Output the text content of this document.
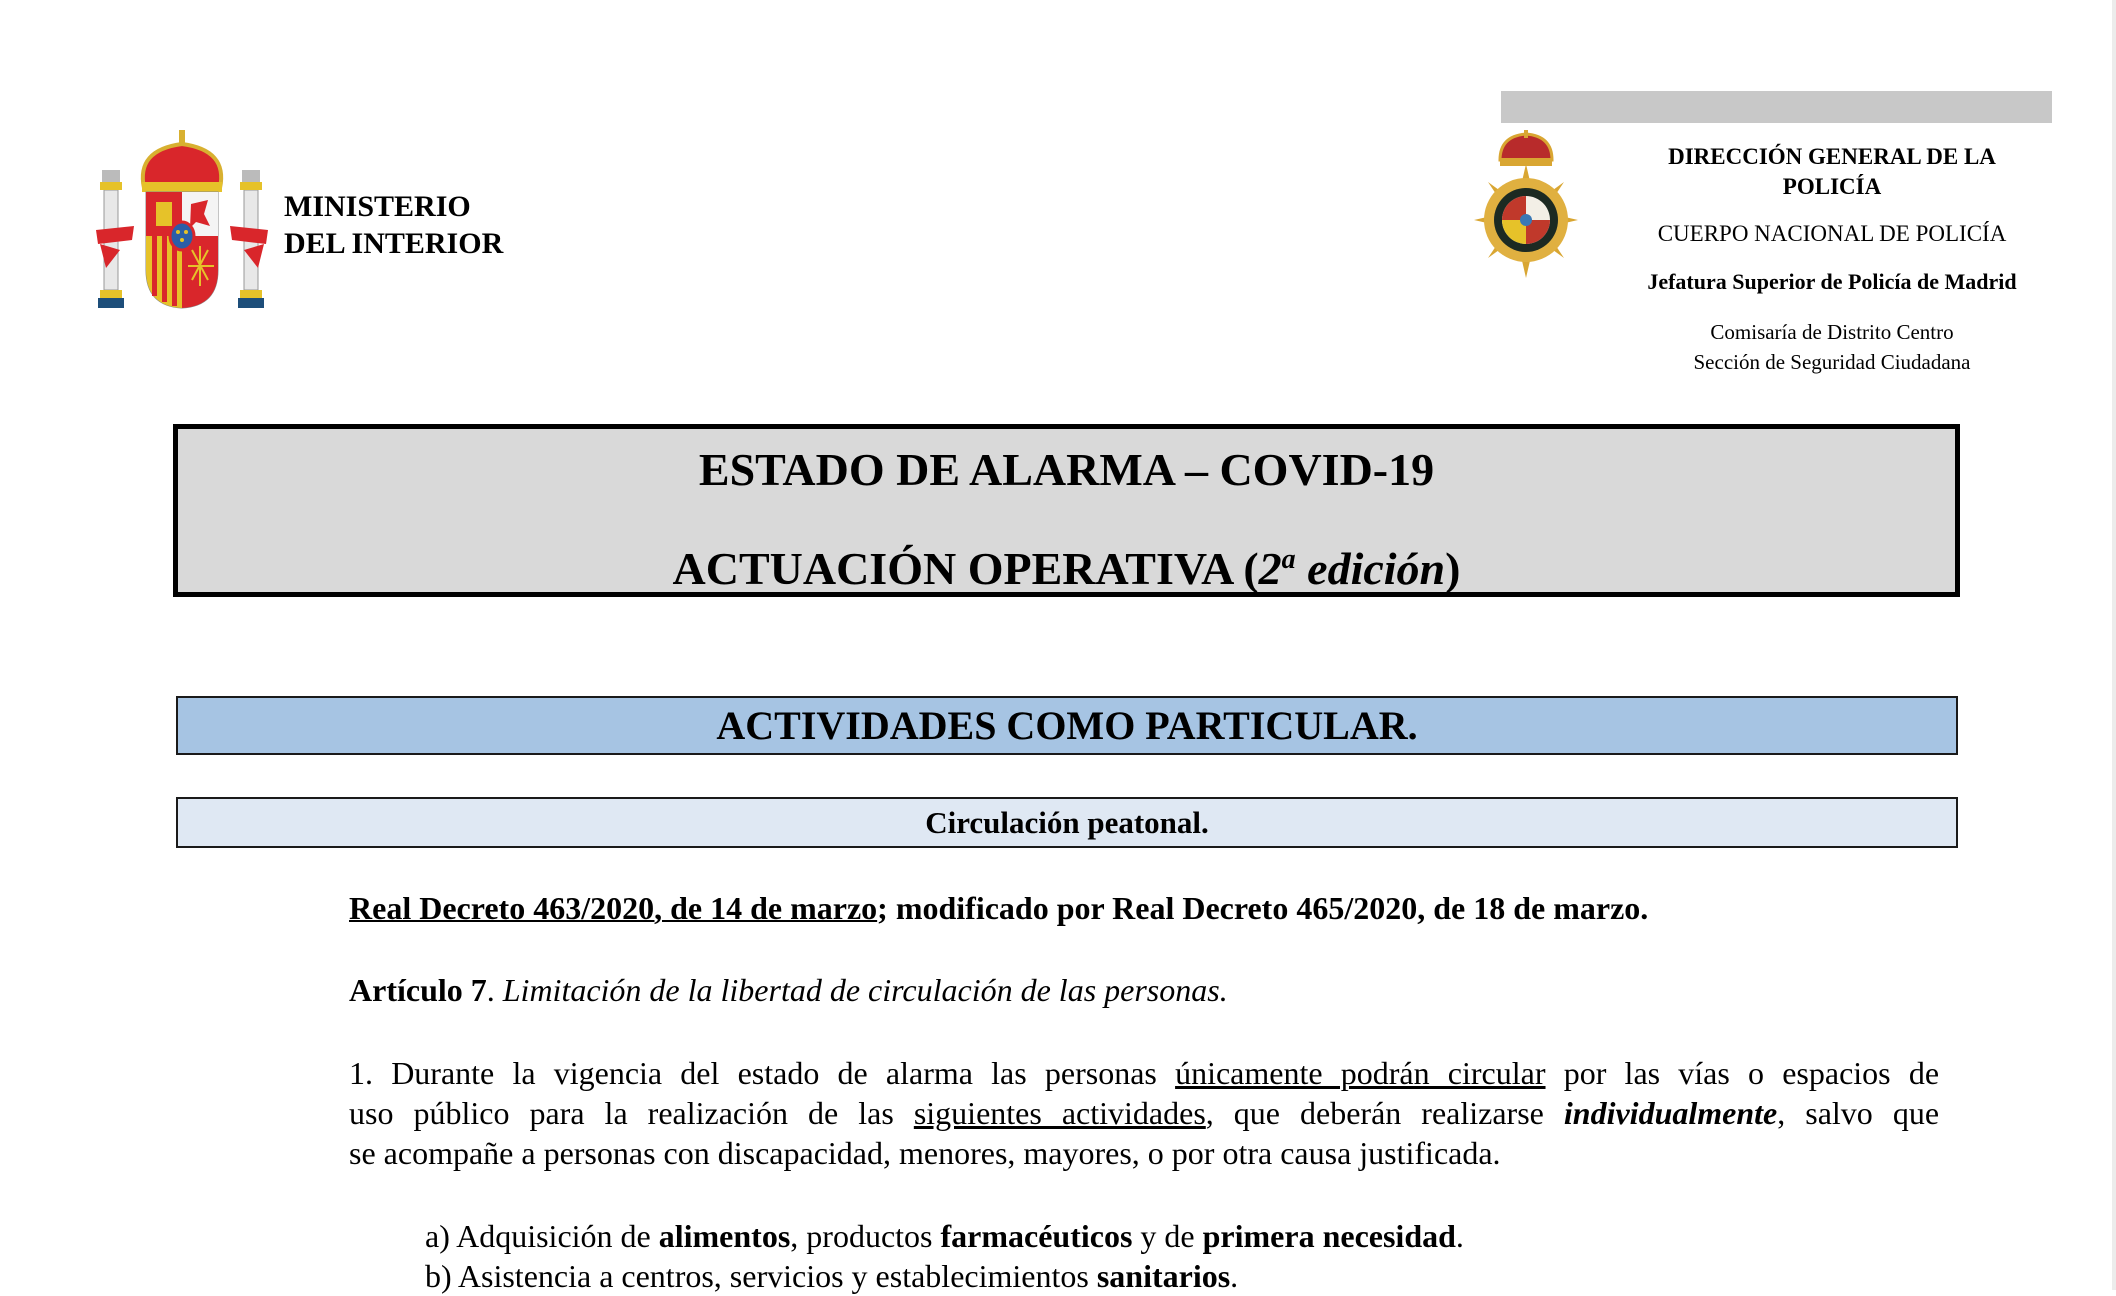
MINISTERIO
DEL INTERIOR
DIRECCIÓN GENERAL DE LA
POLICÍA
CUERPO NACIONAL DE POLICÍA
Jefatura Superior de Policía de Madrid
Comisaría de Distrito Centro
Sección de Seguridad Ciudadana
ESTADO DE ALARMA – COVID-19
ACTUACIÓN OPERATIVA (2$^a$ edición)
ACTIVIDADES COMO PARTICULAR.
Circulación peatonal.
Real Decreto 463/2020, de 14 de marzo; modificado por Real Decreto 465/2020, de 18 de marzo.
Artículo 7. Limitación de la libertad de circulación de las personas.
1. Durante la vigencia del estado de alarma las personas únicamente podrán circular por las vías o espacios de
uso público para la realización de las siguientes actividades, que deberán realizarse individualmente, salvo que
se acompañe a personas con discapacidad, menores, mayores, o por otra causa justificada.
a) Adquisición de alimentos, productos farmacéuticos y de primera necesidad.
b) Asistencia a centros, servicios y establecimientos sanitarios.
